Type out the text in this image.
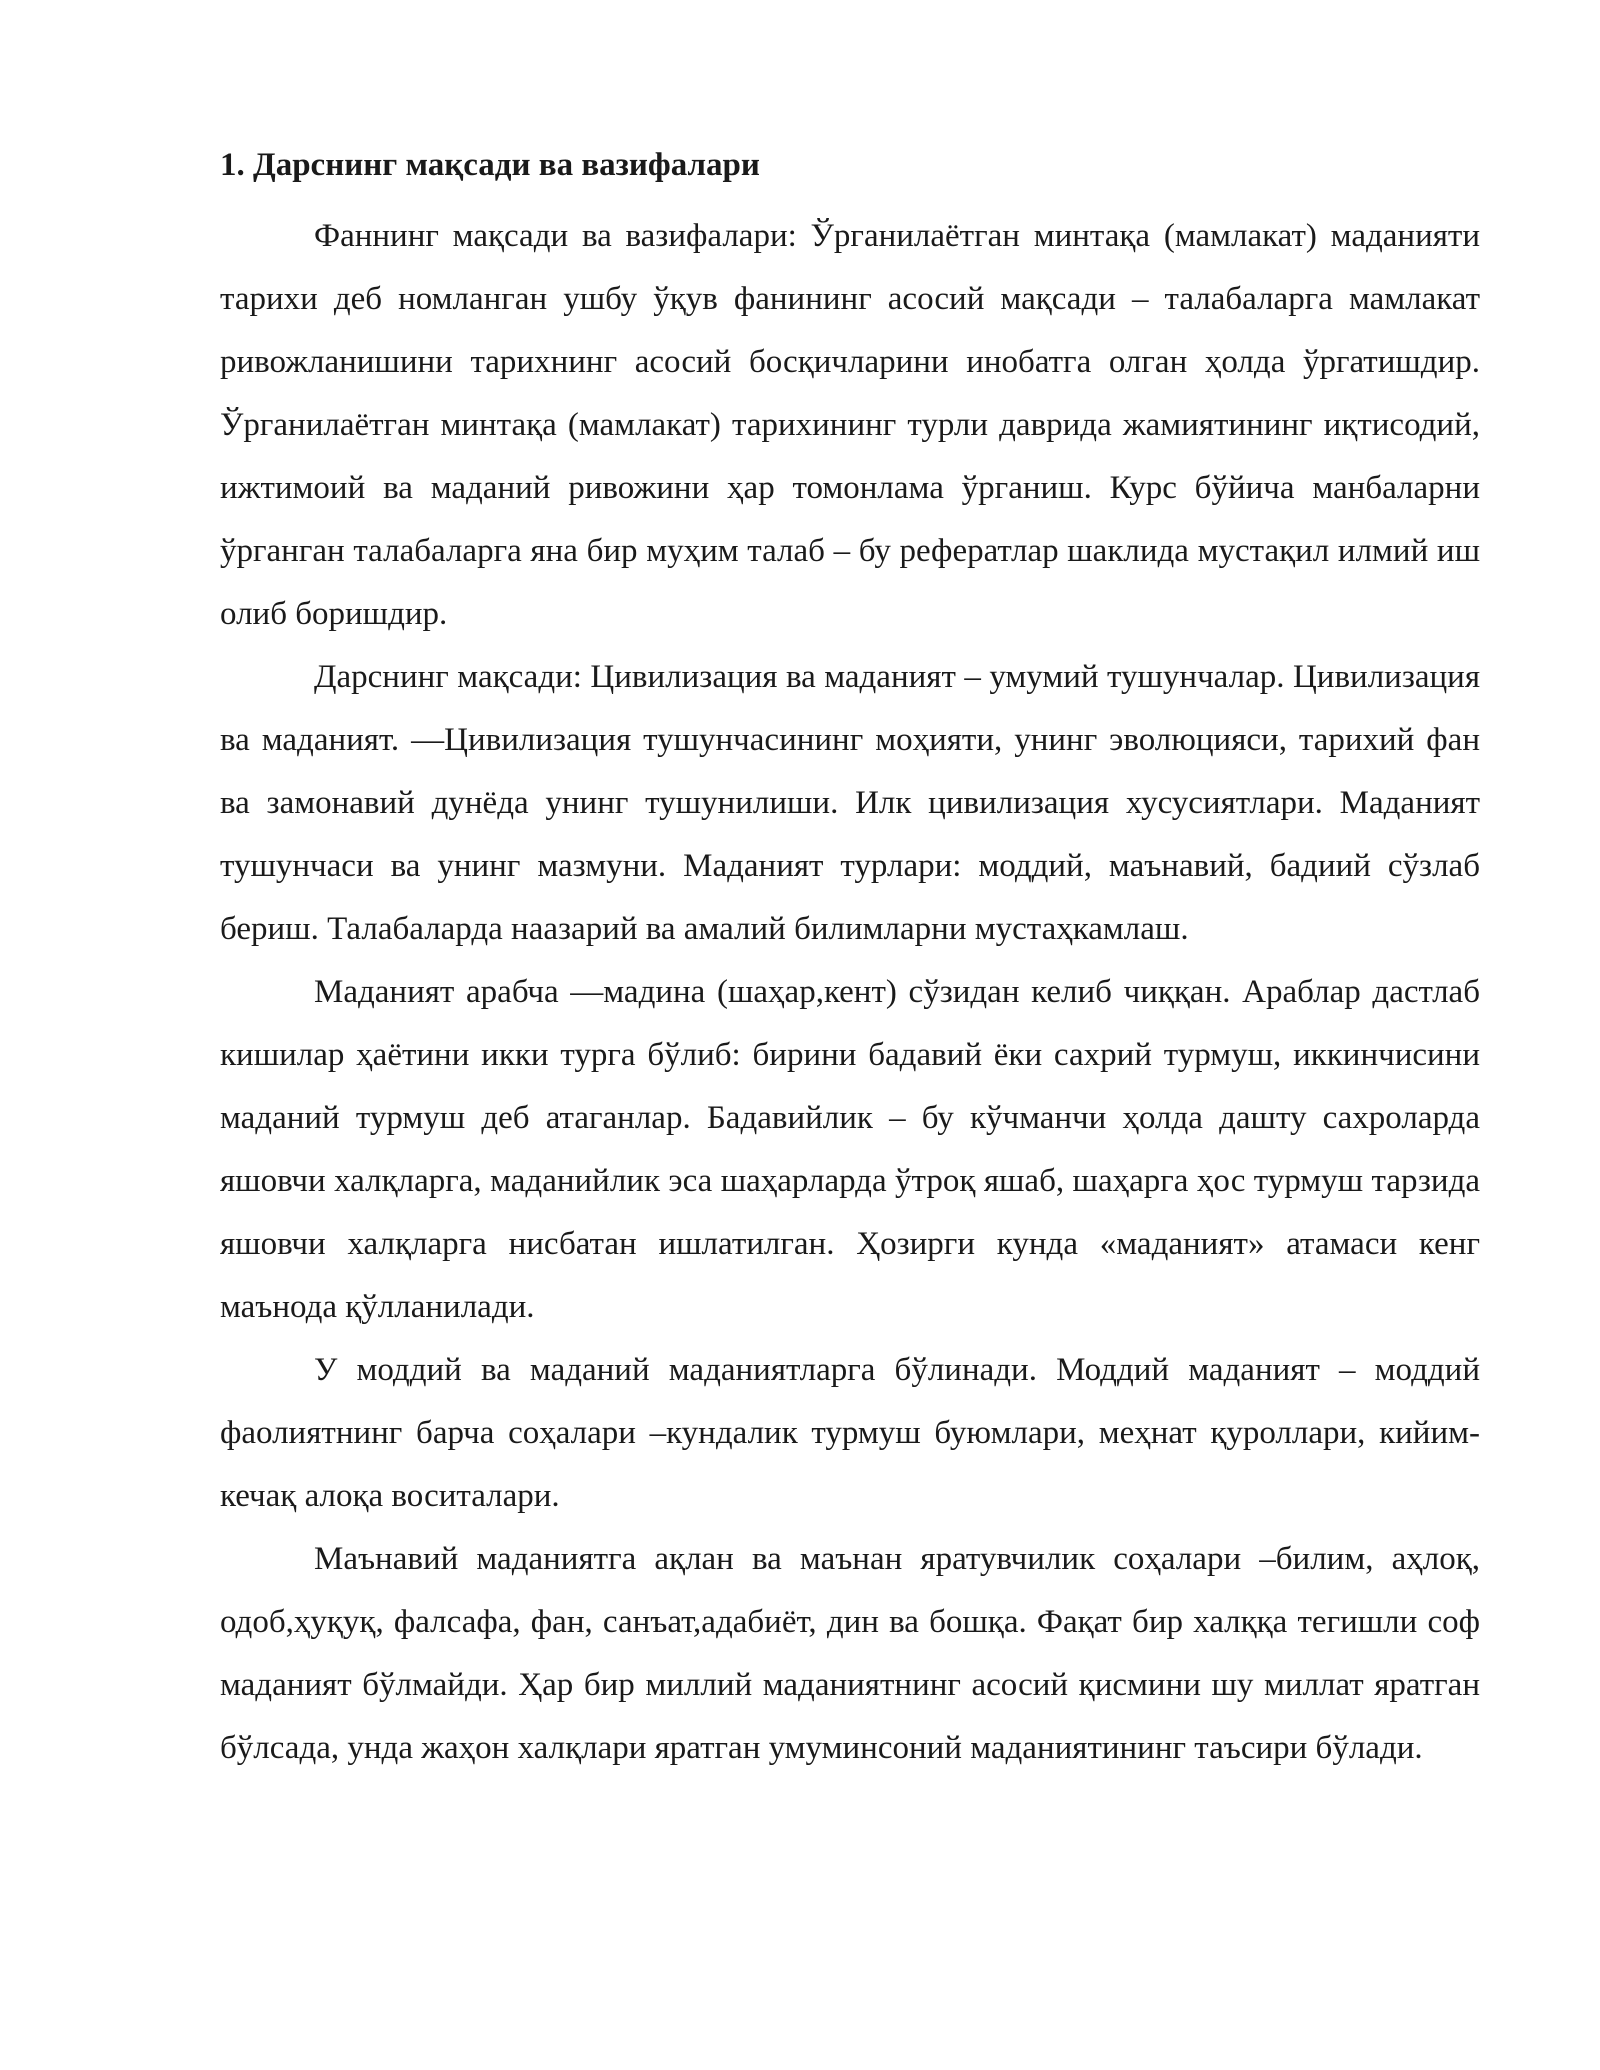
1. Дарснинг мақсади ва вазифалари

Фаннинг мақсади ва вазифалари: Ўрганилаётган минтақа (мамлакат) маданияти тарихи деб номланган ушбу ўқув фанининг асосий мақсади – талабаларга мамлакат ривожланишини тарихнинг асосий босқичларини инобатга олган ҳолда ўргатишдир. Ўрганилаётган минтақа (мамлакат) тарихининг турли даврида жамиятининг иқтисодий, ижтимоий ва маданий ривожини ҳар томонлама ўрганиш. Курс бўйича манбаларни ўрганган талабаларга яна бир муҳим талаб – бу рефератлар шаклида мустақил илмий иш олиб боришдир.

Дарснинг мақсади: Цивилизация ва маданият – умумий тушунчалар. Цивилизация ва маданият. ―Цивилизация тушунчасининг моҳияти, унинг эволюцияси, тарихий фан ва замонавий дунёда унинг тушунилиши. Илк цивилизация хусусиятлари. Маданият тушунчаси ва унинг мазмуни. Маданият турлари: моддий, маънавий, бадиий сўзлаб бериш. Талабаларда наазарий ва амалий билимларни мустаҳкамлаш.

Маданият арабча ―мадина (шаҳар,кент) сўзидан келиб чиққан. Араблар дастлаб кишилар ҳаётини икки турга бўлиб: бирини бадавий ёки сахрий турмуш, иккинчисини маданий турмуш деб атаганлар. Бадавийлик – бу кўчманчи ҳолда дашту сахроларда яшовчи халқларга, маданийлик эса шаҳарларда ўтроқ яшаб, шаҳарга ҳос турмуш тарзида яшовчи халқларга нисбатан ишлатилган. Ҳозирги кунда «маданият» атамаси кенг маънода қўлланилади.

У моддий ва маданий маданиятларга бўлинади. Моддий маданият – моддий фаолиятнинг барча соҳалари –кундалик турмуш буюмлари, меҳнат қуроллари, кийим-кечақ алоқа воситалари.

Маънавий маданиятга ақлан ва маънан яратувчилик соҳалари –билим, аҳлоқ, одоб,ҳуқуқ, фалсафа, фан, санъат,адабиёт, дин ва бошқа. Фақат бир халққа тегишли соф маданият бўлмайди. Ҳар бир миллий маданиятнинг асосий қисмини шу миллат яратган бўлсада, унда жаҳон халқлари яратган умуминсоний маданиятининг таъсири бўлади.
